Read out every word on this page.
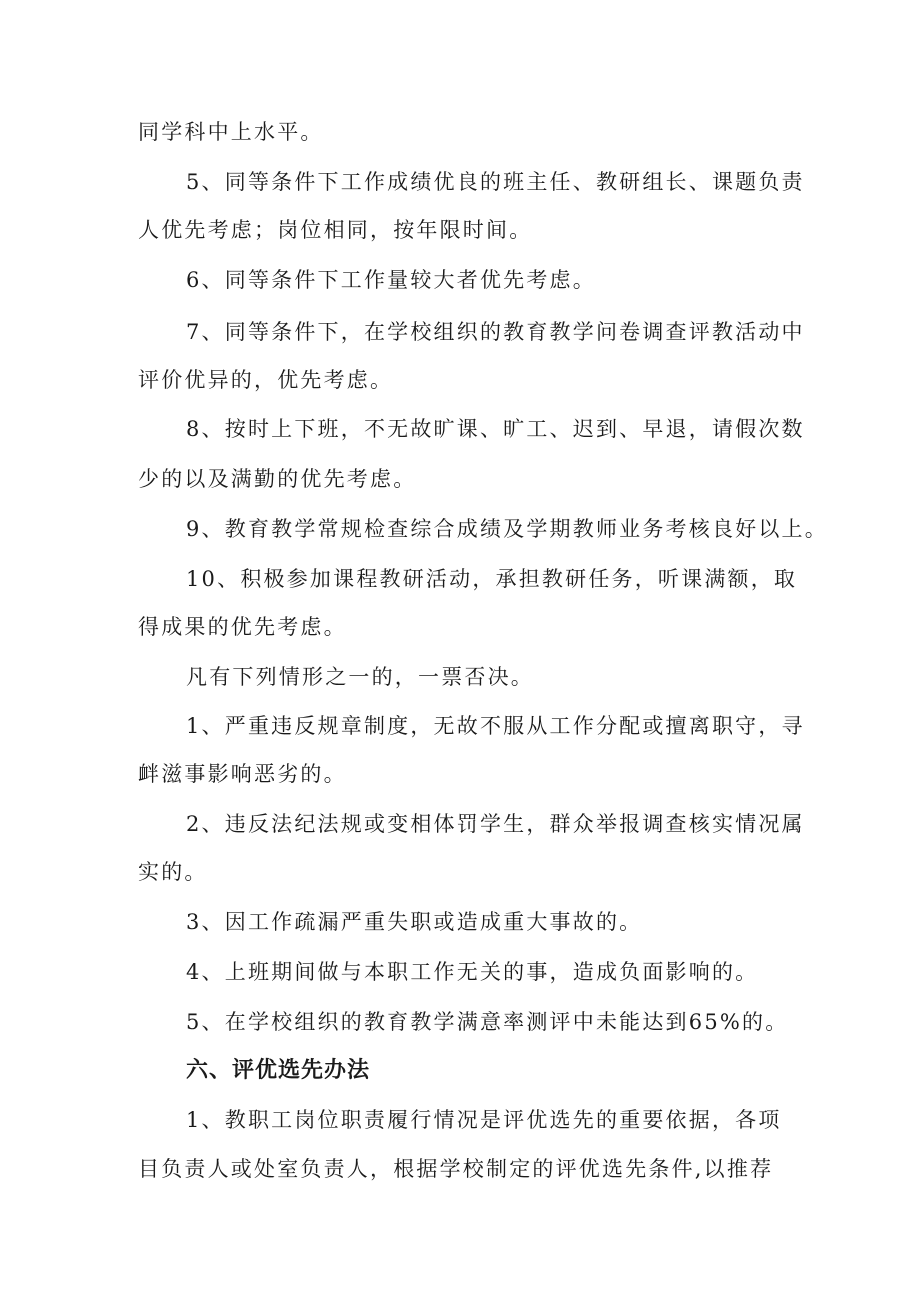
同学科中上水平。
5、同等条件下工作成绩优良的班主任、教研组长、课题负责
人优先考虑；岗位相同，按年限时间。
6、同等条件下工作量较大者优先考虑。
7、同等条件下，在学校组织的教育教学问卷调查评教活动中
评价优异的，优先考虑。
8、按时上下班，不无故旷课、旷工、迟到、早退，请假次数
少的以及满勤的优先考虑。
9、教育教学常规检查综合成绩及学期教师业务考核良好以上。
10、积极参加课程教研活动，承担教研任务，听课满额，取
得成果的优先考虑。
凡有下列情形之一的，一票否决。
1、严重违反规章制度，无故不服从工作分配或擅离职守，寻
衅滋事影响恶劣的。
2、违反法纪法规或变相体罚学生，群众举报调查核实情况属
实的。
3、因工作疏漏严重失职或造成重大事故的。
4、上班期间做与本职工作无关的事，造成负面影响的。
5、在学校组织的教育教学满意率测评中未能达到65%的。
六、评优选先办法
1、教职工岗位职责履行情况是评优选先的重要依据，各项
目负责人或处室负责人，根据学校制定的评优选先条件,以推荐
